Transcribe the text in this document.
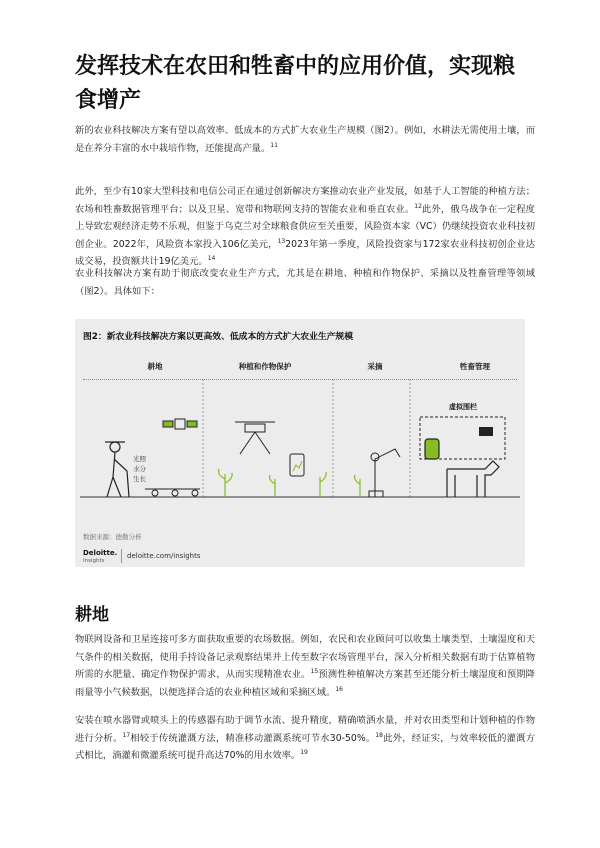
发挥技术在农田和牲畜中的应用价值，实现粮食增产

新的农业科技解决方案有望以高效率、低成本的方式扩大农业生产规模（图2）。例如，水耕法无需使用土壤，而是在养分丰富的水中栽培作物，还能提高产量。$^{11}$

此外，至少有10家大型科技和电信公司正在通过创新解决方案推动农业产业发展，如基于人工智能的种植方法；农场和牲畜数据管理平台；以及卫星、宽带和物联网支持的智能农业和垂直农业。$^{12}$此外，俄乌战争在一定程度上导致宏观经济走势不乐观，但鉴于乌克兰对全球粮食供应至关重要，风险资本家（VC）仍继续投资农业科技初创企业。2022年，风险资本家投入106亿美元，$^{13}$2023年第一季度，风险投资家与172家农业科技初创企业达成交易，投资额共计19亿美元。$^{14}$

农业科技解决方案有助于彻底改变农业生产方式，尤其是在耕地、种植和作物保护、采摘以及牲畜管理等领域（图2）。具体如下：

图2：新农业科技解决方案以更高效、低成本的方式扩大农业生产规模
耕地	种植和作物保护	采摘	牲畜管理
光照
水分
生长
虚拟围栏
数据来源：德勤分析
Deloitte.
Insights
deloitte.com/insights
耕地

物联网设备和卫星连接可多方面获取重要的农场数据。例如，农民和农业顾问可以收集土壤类型、土壤湿度和天气条件的相关数据，使用手持设备记录观察结果并上传至数字农场管理平台，深入分析相关数据有助于估算植物所需的水肥量、确定作物保护需求，从而实现精准农业。$^{15}$预测性种植解决方案甚至还能分析土壤湿度和预期降雨量等小气候数据，以便选择合适的农业种植区域和采摘区域。$^{16}$

安装在喷水器臂或喷头上的传感器有助于调节水流、提升精度，精确喷洒水量，并对农田类型和计划种植的作物进行分析。$^{17}$相较于传统灌溉方法，精准移动灌溉系统可节水30-50%。$^{18}$此外，经证实，与效率较低的灌溉方式相比，滴灌和微灌系统可提升高达70%的用水效率。$^{19}$
